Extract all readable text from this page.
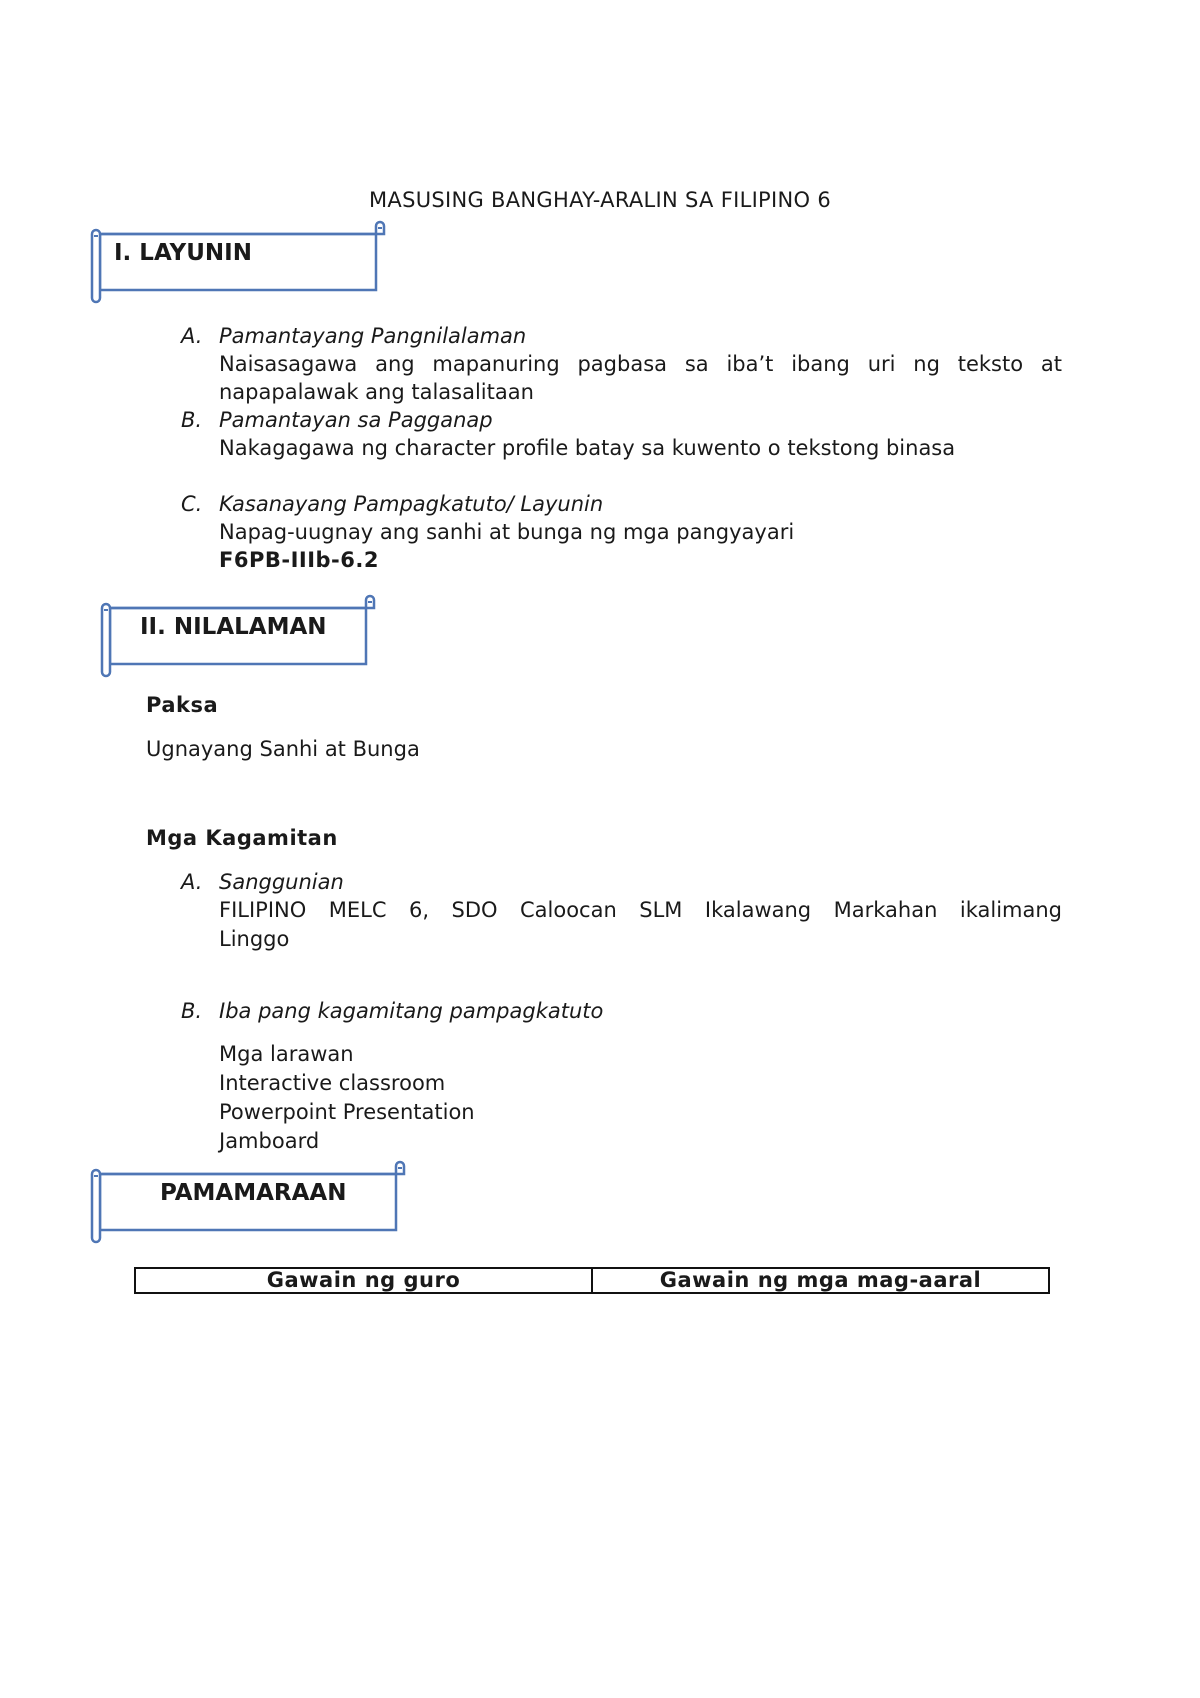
MASUSING BANGHAY-ARALIN SA FILIPINO 6
I. LAYUNIN
A. Pamantayang Pangnilalaman
Naisasagawa ang mapanuring pagbasa sa iba’t ibang uri ng teksto at
napapalawak ang talasalitaan
B. Pamantayan sa Pagganap
Nakagagawa ng character profile batay sa kuwento o tekstong binasa
C. Kasanayang Pampagkatuto/ Layunin
Napag-uugnay ang sanhi at bunga ng mga pangyayari
F6PB-IIIb-6.2
II. NILALAMAN
Paksa
Ugnayang Sanhi at Bunga
Mga Kagamitan
A. Sanggunian
FILIPINO MELC 6, SDO Caloocan SLM Ikalawang Markahan ikalimang
Linggo
B. Iba pang kagamitang pampagkatuto
Mga larawan
Interactive classroom
Powerpoint Presentation
Jamboard
PAMAMARAAN
Gawain ng guro	Gawain ng mga mag-aaral
